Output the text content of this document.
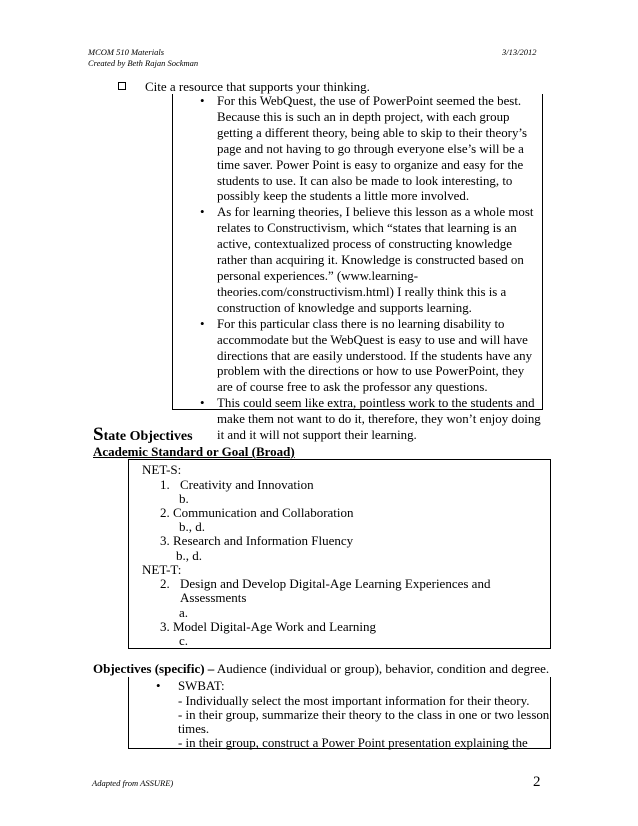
MCOM 510 Materials
Created by Beth Rajan Sockman
3/13/2012
Cite a resource that supports your thinking.
• For this WebQuest, the use of PowerPoint seemed the best. Because this is such an in depth project, with each group getting a different theory, being able to skip to their theory’s page and not having to go through everyone else’s will be a time saver. Power Point is easy to organize and easy for the students to use. It can also be made to look interesting, to possibly keep the students a little more involved.
• As for learning theories, I believe this lesson as a whole most relates to Constructivism, which “states that learning is an active, contextualized process of constructing knowledge rather than acquiring it. Knowledge is constructed based on personal experiences.” (www.learning-theories.com/constructivism.html) I really think this is a construction of knowledge and supports learning.
• For this particular class there is no learning disability to accommodate but the WebQuest is easy to use and will have directions that are easily understood. If the students have any problem with the directions or how to use PowerPoint, they are of course free to ask the professor any questions.
• This could seem like extra, pointless work to the students and make them not want to do it, therefore, they won’t enjoy doing it and it will not support their learning.
State Objectives
Academic Standard or Goal (Broad)
NET-S:
1. Creativity and Innovation
b.
2. Communication and Collaboration
b., d.
3. Research and Information Fluency
b., d.
NET-T:
2. Design and Develop Digital-Age Learning Experiences and
Assessments
a.
3. Model Digital-Age Work and Learning
c.
Objectives (specific) – Audience (individual or group), behavior, condition and degree.
• SWBAT:
- Individually select the most important information for their theory.
- in their group, summarize their theory to the class in one or two lesson
times.
- in their group, construct a Power Point presentation explaining the
Adapted from ASSURE)	2
